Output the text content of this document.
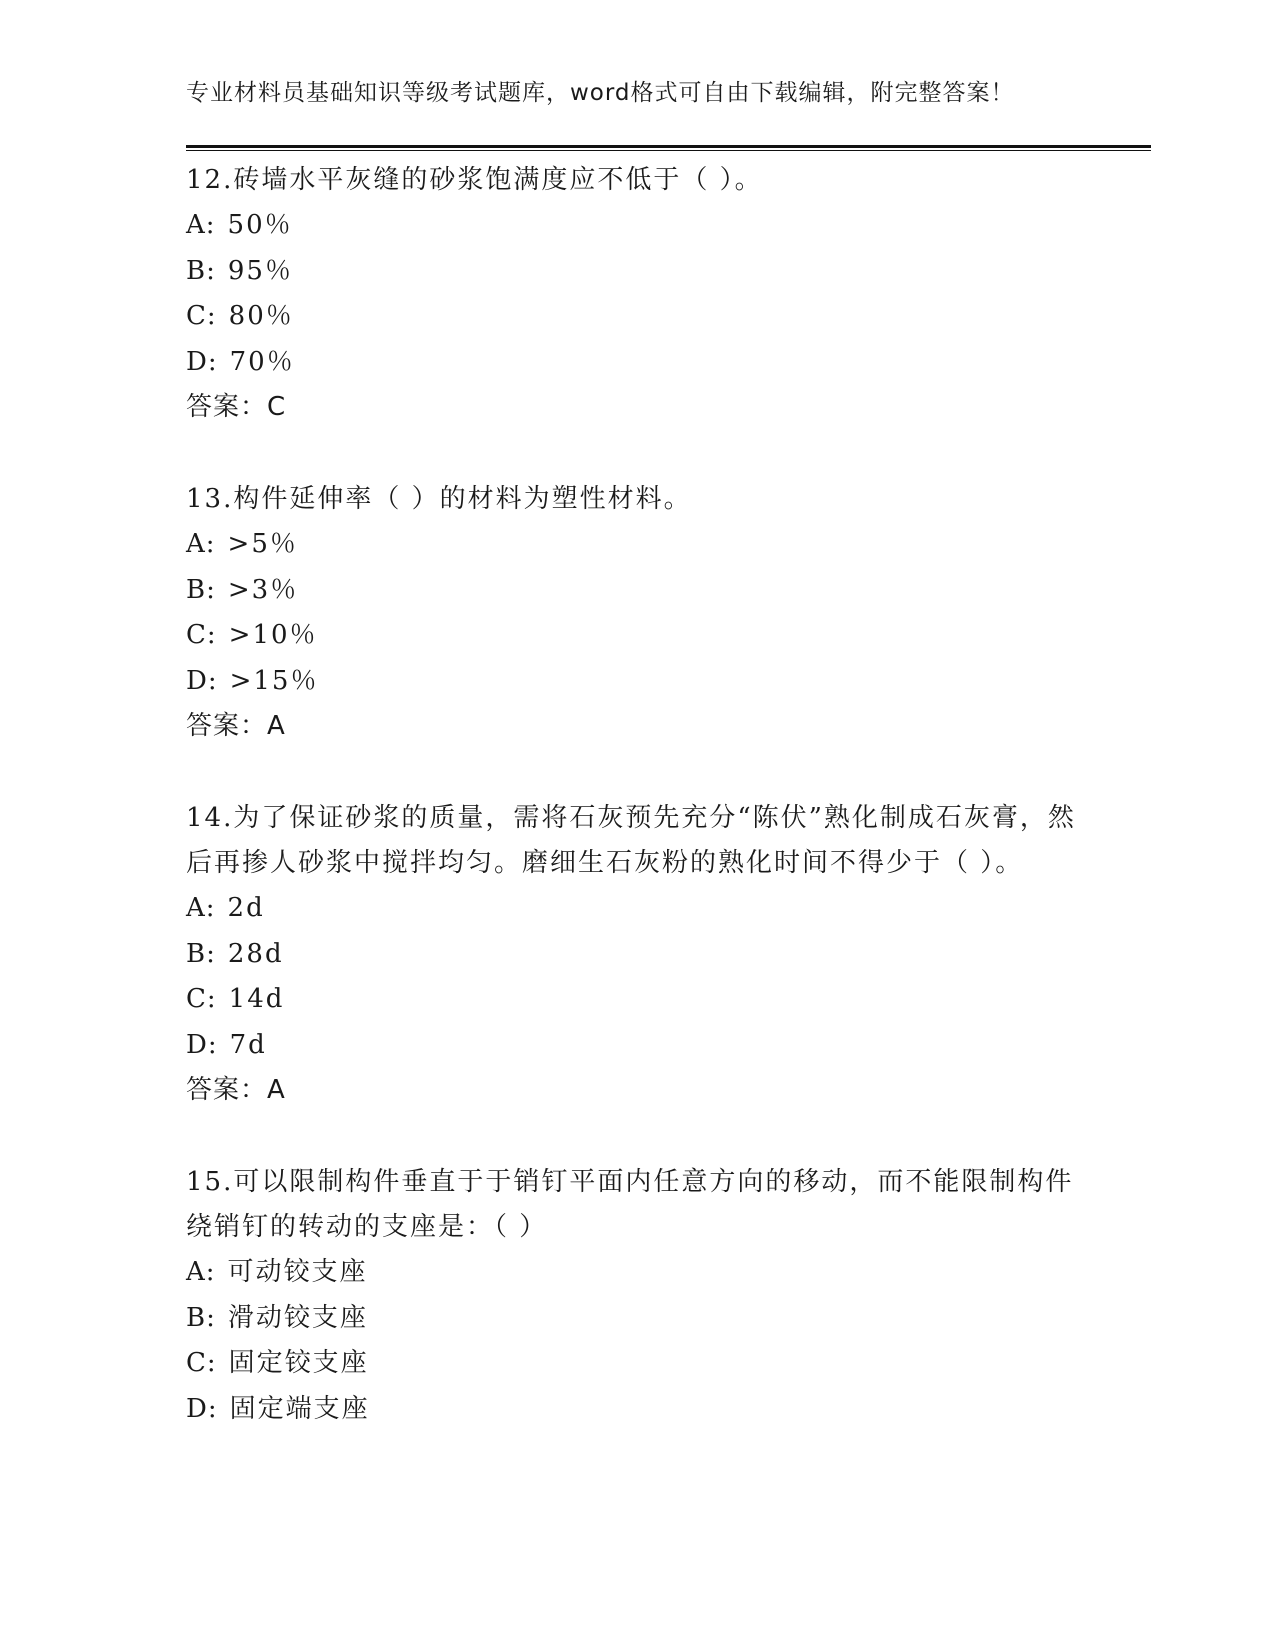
专业材料员基础知识等级考试题库，word格式可自由下载编辑，附完整答案！
12.砖墙水平灰缝的砂浆饱满度应不低于（ ）。
A: 50％
B: 95％
C: 80％
D: 70％
答案：C
13.构件延伸率（ ）的材料为塑性材料。
A: >5％
B: >3％
C: >10％
D: >15％
答案：A
14.为了保证砂浆的质量，需将石灰预先充分“陈伏”熟化制成石灰膏，然后再掺人砂浆中搅拌均匀。磨细生石灰粉的熟化时间不得少于（ ）。
A: 2d
B: 28d
C: 14d
D: 7d
答案：A
15.可以限制构件垂直于于销钉平面内任意方向的移动，而不能限制构件绕销钉的转动的支座是：（ ）
A: 可动铰支座
B: 滑动铰支座
C: 固定铰支座
D: 固定端支座
